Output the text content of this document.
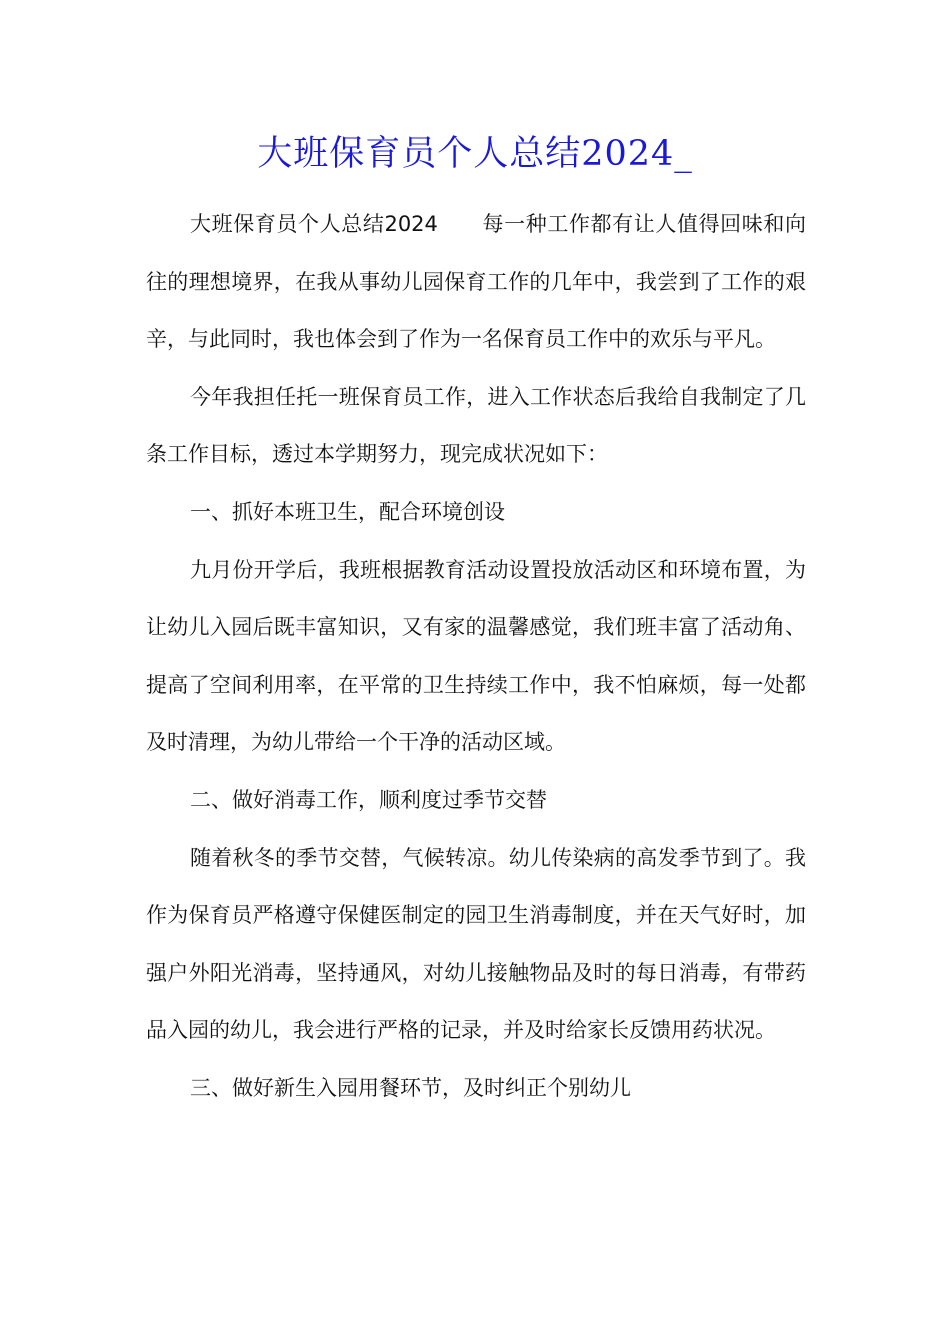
大班保育员个人总结2024_

大班保育员个人总结2024 每一种工作都有让人值得回味和向往的理想境界，在我从事幼儿园保育工作的几年中，我尝到了工作的艰辛，与此同时，我也体会到了作为一名保育员工作中的欢乐与平凡。

今年我担任托一班保育员工作，进入工作状态后我给自我制定了几条工作目标，透过本学期努力，现完成状况如下：

一、抓好本班卫生，配合环境创设

九月份开学后，我班根据教育活动设置投放活动区和环境布置，为让幼儿入园后既丰富知识，又有家的温馨感觉，我们班丰富了活动角、提高了空间利用率，在平常的卫生持续工作中，我不怕麻烦，每一处都及时清理，为幼儿带给一个干净的活动区域。

二、做好消毒工作，顺利度过季节交替

随着秋冬的季节交替，气候转凉。幼儿传染病的高发季节到了。我作为保育员严格遵守保健医制定的园卫生消毒制度，并在天气好时，加强户外阳光消毒，坚持通风，对幼儿接触物品及时的每日消毒，有带药品入园的幼儿，我会进行严格的记录，并及时给家长反馈用药状况。

三、做好新生入园用餐环节，及时纠正个别幼儿
